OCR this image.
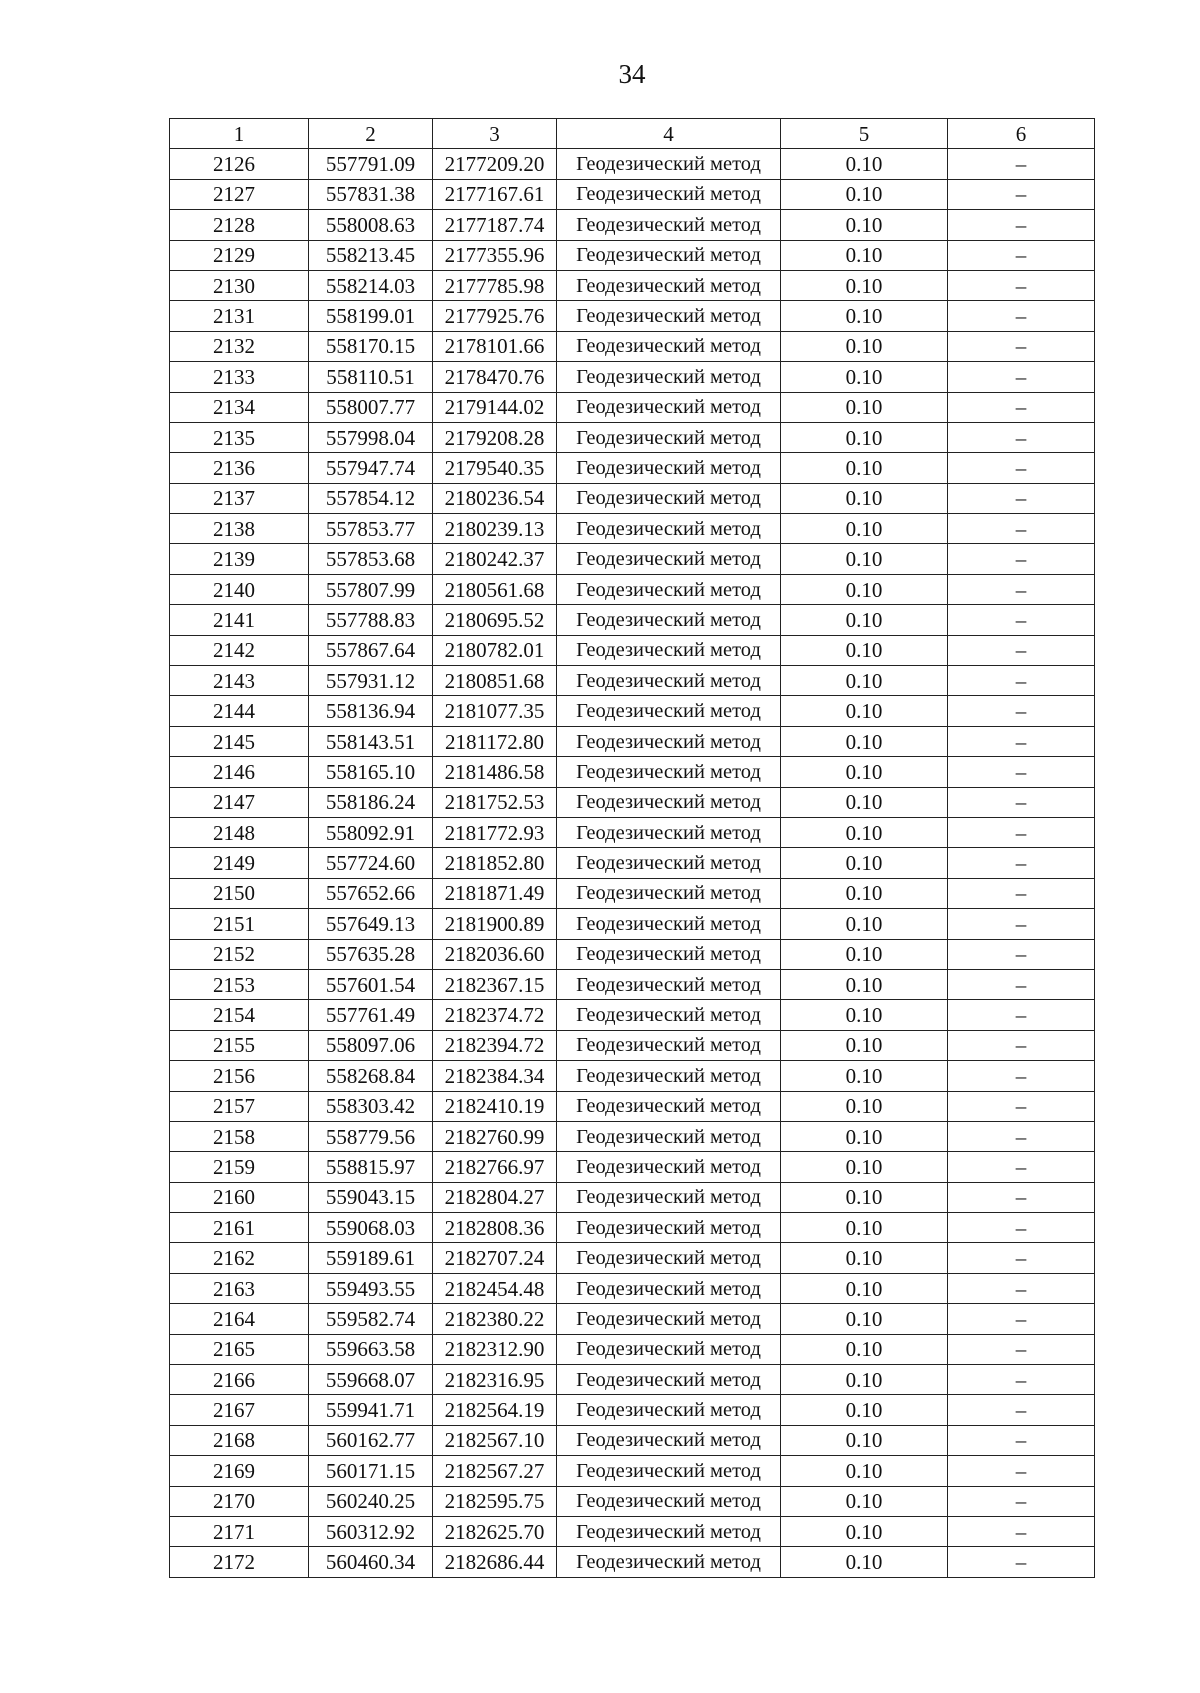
34
1	2	3	4	5	6
2126	557791.09	2177209.20	Геодезический метод	0.10	–
2127	557831.38	2177167.61	Геодезический метод	0.10	–
2128	558008.63	2177187.74	Геодезический метод	0.10	–
2129	558213.45	2177355.96	Геодезический метод	0.10	–
2130	558214.03	2177785.98	Геодезический метод	0.10	–
2131	558199.01	2177925.76	Геодезический метод	0.10	–
2132	558170.15	2178101.66	Геодезический метод	0.10	–
2133	558110.51	2178470.76	Геодезический метод	0.10	–
2134	558007.77	2179144.02	Геодезический метод	0.10	–
2135	557998.04	2179208.28	Геодезический метод	0.10	–
2136	557947.74	2179540.35	Геодезический метод	0.10	–
2137	557854.12	2180236.54	Геодезический метод	0.10	–
2138	557853.77	2180239.13	Геодезический метод	0.10	–
2139	557853.68	2180242.37	Геодезический метод	0.10	–
2140	557807.99	2180561.68	Геодезический метод	0.10	–
2141	557788.83	2180695.52	Геодезический метод	0.10	–
2142	557867.64	2180782.01	Геодезический метод	0.10	–
2143	557931.12	2180851.68	Геодезический метод	0.10	–
2144	558136.94	2181077.35	Геодезический метод	0.10	–
2145	558143.51	2181172.80	Геодезический метод	0.10	–
2146	558165.10	2181486.58	Геодезический метод	0.10	–
2147	558186.24	2181752.53	Геодезический метод	0.10	–
2148	558092.91	2181772.93	Геодезический метод	0.10	–
2149	557724.60	2181852.80	Геодезический метод	0.10	–
2150	557652.66	2181871.49	Геодезический метод	0.10	–
2151	557649.13	2181900.89	Геодезический метод	0.10	–
2152	557635.28	2182036.60	Геодезический метод	0.10	–
2153	557601.54	2182367.15	Геодезический метод	0.10	–
2154	557761.49	2182374.72	Геодезический метод	0.10	–
2155	558097.06	2182394.72	Геодезический метод	0.10	–
2156	558268.84	2182384.34	Геодезический метод	0.10	–
2157	558303.42	2182410.19	Геодезический метод	0.10	–
2158	558779.56	2182760.99	Геодезический метод	0.10	–
2159	558815.97	2182766.97	Геодезический метод	0.10	–
2160	559043.15	2182804.27	Геодезический метод	0.10	–
2161	559068.03	2182808.36	Геодезический метод	0.10	–
2162	559189.61	2182707.24	Геодезический метод	0.10	–
2163	559493.55	2182454.48	Геодезический метод	0.10	–
2164	559582.74	2182380.22	Геодезический метод	0.10	–
2165	559663.58	2182312.90	Геодезический метод	0.10	–
2166	559668.07	2182316.95	Геодезический метод	0.10	–
2167	559941.71	2182564.19	Геодезический метод	0.10	–
2168	560162.77	2182567.10	Геодезический метод	0.10	–
2169	560171.15	2182567.27	Геодезический метод	0.10	–
2170	560240.25	2182595.75	Геодезический метод	0.10	–
2171	560312.92	2182625.70	Геодезический метод	0.10	–
2172	560460.34	2182686.44	Геодезический метод	0.10	–
